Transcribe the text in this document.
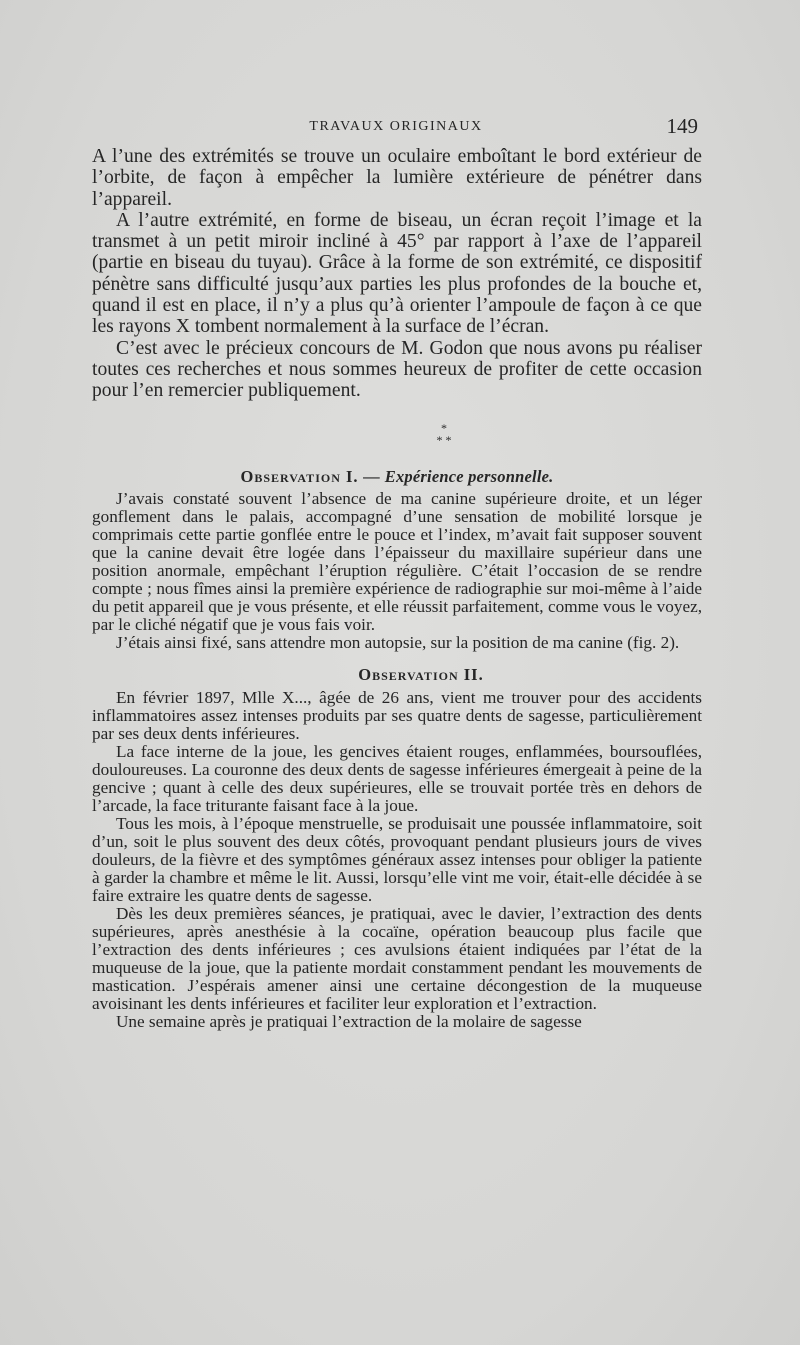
TRAVAUX ORIGINAUX	149

A l’une des extrémités se trouve un oculaire emboîtant le bord extérieur de l’orbite, de façon à empêcher la lumière extérieure de pénétrer dans l’appareil.

A l’autre extrémité, en forme de biseau, un écran reçoit l’image et la transmet à un petit miroir incliné à 45° par rapport à l’axe de l’appareil (partie en biseau du tuyau). Grâce à la forme de son extrémité, ce dispositif pénètre sans difficulté jusqu’aux parties les plus profondes de la bouche et, quand il est en place, il n’y a plus qu’à orienter l’ampoule de façon à ce que les rayons X tombent normalement à la surface de l’écran.

C’est avec le précieux concours de M. Godon que nous avons pu réaliser toutes ces recherches et nous sommes heureux de profiter de cette occasion pour l’en remercier publiquement.

*
* *
Observation I. — Expérience personnelle.

J’avais constaté souvent l’absence de ma canine supérieure droite, et un léger gonflement dans le palais, accompagné d’une sensation de mobilité lorsque je comprimais cette partie gonflée entre le pouce et l’index, m’avait fait supposer souvent que la canine devait être logée dans l’épaisseur du maxillaire supérieur dans une position anormale, empêchant l’éruption régulière. C’était l’occasion de se rendre compte ; nous fîmes ainsi la première expérience de radiographie sur moi-même à l’aide du petit appareil que je vous présente, et elle réussit parfaitement, comme vous le voyez, par le cliché négatif que je vous fais voir.

J’étais ainsi fixé, sans attendre mon autopsie, sur la position de ma canine (fig. 2).

Observation II.

En février 1897, Mlle X..., âgée de 26 ans, vient me trouver pour des accidents inflammatoires assez intenses produits par ses quatre dents de sagesse, particulièrement par ses deux dents inférieures.

La face interne de la joue, les gencives étaient rouges, enflammées, boursouflées, douloureuses. La couronne des deux dents de sagesse inférieures émergeait à peine de la gencive ; quant à celle des deux supérieures, elle se trouvait portée très en dehors de l’arcade, la face triturante faisant face à la joue.

Tous les mois, à l’époque menstruelle, se produisait une poussée inflammatoire, soit d’un, soit le plus souvent des deux côtés, provoquant pendant plusieurs jours de vives douleurs, de la fièvre et des symptômes généraux assez intenses pour obliger la patiente à garder la chambre et même le lit. Aussi, lorsqu’elle vint me voir, était-elle décidée à se faire extraire les quatre dents de sagesse.

Dès les deux premières séances, je pratiquai, avec le davier, l’extraction des dents supérieures, après anesthésie à la cocaïne, opération beaucoup plus facile que l’extraction des dents inférieures ; ces avulsions étaient indiquées par l’état de la muqueuse de la joue, que la patiente mordait constamment pendant les mouvements de mastication. J’espérais amener ainsi une certaine décongestion de la muqueuse avoisinant les dents inférieures et faciliter leur exploration et l’extraction.

Une semaine après je pratiquai l’extraction de la molaire de sagesse
